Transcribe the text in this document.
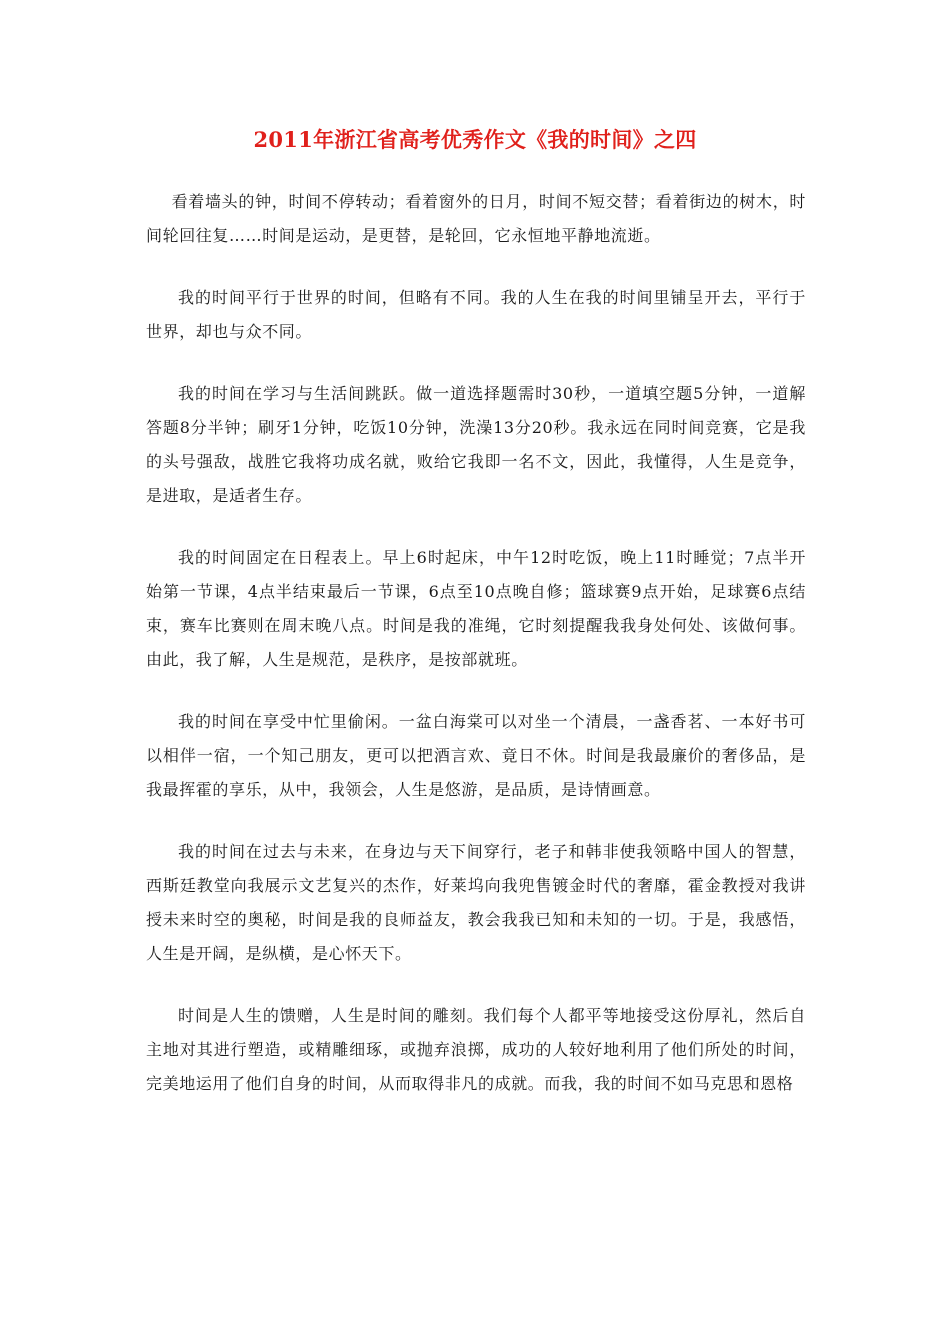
2011年浙江省高考优秀作文《我的时间》之四

看着墙头的钟，时间不停转动；看着窗外的日月，时间不短交替；看着街边的树木，时间轮回往复……时间是运动，是更替，是轮回，它永恒地平静地流逝。

我的时间平行于世界的时间，但略有不同。我的人生在我的时间里铺呈开去，平行于世界，却也与众不同。

我的时间在学习与生活间跳跃。做一道选择题需时30秒，一道填空题5分钟，一道解答题8分半钟；刷牙1分钟，吃饭10分钟，洗澡13分20秒。我永远在同时间竞赛，它是我的头号强敌，战胜它我将功成名就，败给它我即一名不文，因此，我懂得，人生是竞争，是进取，是适者生存。

我的时间固定在日程表上。早上6时起床，中午12时吃饭，晚上11时睡觉；7点半开始第一节课，4点半结束最后一节课，6点至10点晚自修；篮球赛9点开始，足球赛6点结束，赛车比赛则在周末晚八点。时间是我的准绳，它时刻提醒我我身处何处、该做何事。由此，我了解，人生是规范，是秩序，是按部就班。

我的时间在享受中忙里偷闲。一盆白海棠可以对坐一个清晨，一盏香茗、一本好书可以相伴一宿，一个知己朋友，更可以把酒言欢、竟日不休。时间是我最廉价的奢侈品，是我最挥霍的享乐，从中，我领会，人生是悠游，是品质，是诗情画意。

我的时间在过去与未来，在身边与天下间穿行，老子和韩非使我领略中国人的智慧，西斯廷教堂向我展示文艺复兴的杰作，好莱坞向我兜售镀金时代的奢靡，霍金教授对我讲授未来时空的奥秘，时间是我的良师益友，教会我我已知和未知的一切。于是，我感悟，人生是开阔，是纵横，是心怀天下。

时间是人生的馈赠，人生是时间的雕刻。我们每个人都平等地接受这份厚礼，然后自主地对其进行塑造，或精雕细琢，或抛弃浪掷，成功的人较好地利用了他们所处的时间，完美地运用了他们自身的时间，从而取得非凡的成就。而我，我的时间不如马克思和恩格
